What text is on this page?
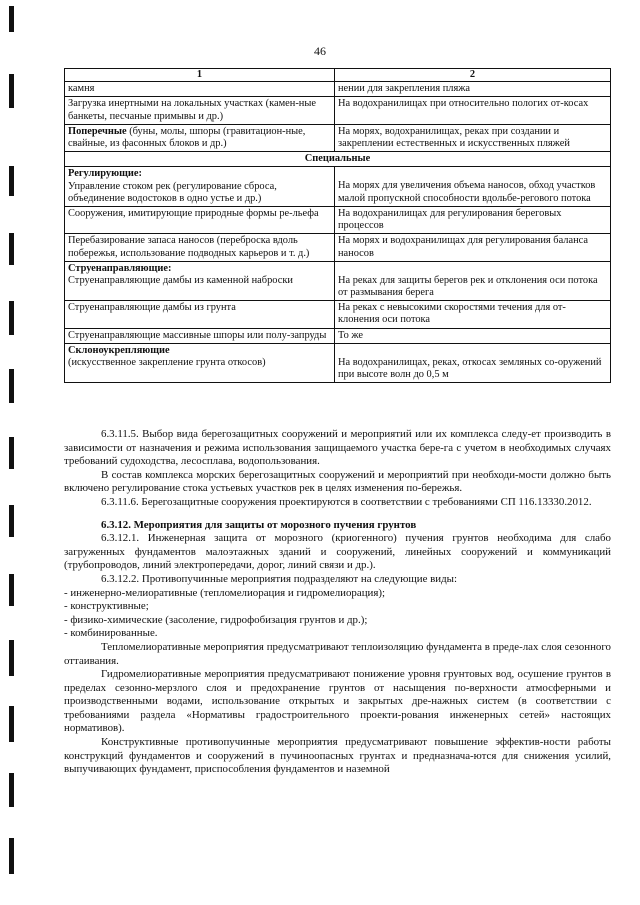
46
1	2
камня	нении для закрепления пляжа
Загрузка инертными на локальных участках (камен-ные банкеты, песчаные примывы и др.)	На водохранилищах при относительно пологих от-косах
Поперечные (буны, молы, шпоры (гравитацион-ные, свайные, из фасонных блоков и др.)	На морях, водохранилищах, реках при создании и закреплении естественных и искусственных пляжей
Специальные	

Регулирующие:
Управление стоком рек (регулирование сброса, объединение водостоков в одно устье и др.)	На морях для увеличения объема наносов, обход участков малой пропускной способности вдольбе-регового потока
Сооружения, имитирующие природные формы ре-льефа	На водохранилищах для регулирования береговых процессов
Перебазирование запаса наносов (переброска вдоль побережья, использование подводных карьеров и т. д.)	На морях и водохранилищах для регулирования баланса наносов

Струенаправляющие:
Струенаправляющие дамбы из каменной наброски	На реках для защиты берегов рек и отклонения оси потока от размывания берега
Струенаправляющие дамбы из грунта	На реках с невысокими скоростями течения для от-клонения оси потока
Струенаправляющие массивные шпоры или полу-запруды	То же

Склоноукрепляющие
(искусственное закрепление грунта откосов)	На водохранилищах, реках, откосах земляных со-оружений при высоте волн до 0,5 м

6.3.11.5. Выбор вида берегозащитных сооружений и мероприятий или их комплекса следу-ет производить в зависимости от назначения и режима использования защищаемого участка бере-га с учетом в необходимых случаях требований судоходства, лесосплава, водопользования.

В состав комплекса морских берегозащитных сооружений и мероприятий при необходи-мости должно быть включено регулирование стока устьевых участков рек в целях изменения по-бережья.

6.3.11.6. Берегозащитные сооружения проектируются в соответствии с требованиями СП 116.13330.2012.

6.3.12. Мероприятия для защиты от морозного пучения грунтов

6.3.12.1. Инженерная защита от морозного (криогенного) пучения грунтов необходима для слабо загруженных фундаментов малоэтажных зданий и сооружений, линейных сооружений и коммуникаций (трубопроводов, линий электропередачи, дорог, линий связи и др.).

6.3.12.2. Противопучинные мероприятия подразделяют на следующие виды:

- инженерно-мелиоративные (тепломелиорация и гидромелиорация);

- конструктивные;

- физико-химические (засоление, гидрофобизация грунтов и др.);

- комбинированные.

Тепломелиоративные мероприятия предусматривают теплоизоляцию фундамента в преде-лах слоя сезонного оттаивания.

Гидромелиоративные мероприятия предусматривают понижение уровня грунтовых вод, осушение грунтов в пределах сезонно-мерзлого слоя и предохранение грунтов от насыщения по-верхности атмосферными и производственными водами, использование открытых и закрытых дре-нажных систем (в соответствии с требованиями раздела «Нормативы градостроительного проекти-рования инженерных сетей» настоящих нормативов).

Конструктивные противопучинные мероприятия предусматривают повышение эффектив-ности работы конструкций фундаментов и сооружений в пучиноопасных грунтах и предназнача-ются для снижения усилий, выпучивающих фундамент, приспособления фундаментов и наземной
